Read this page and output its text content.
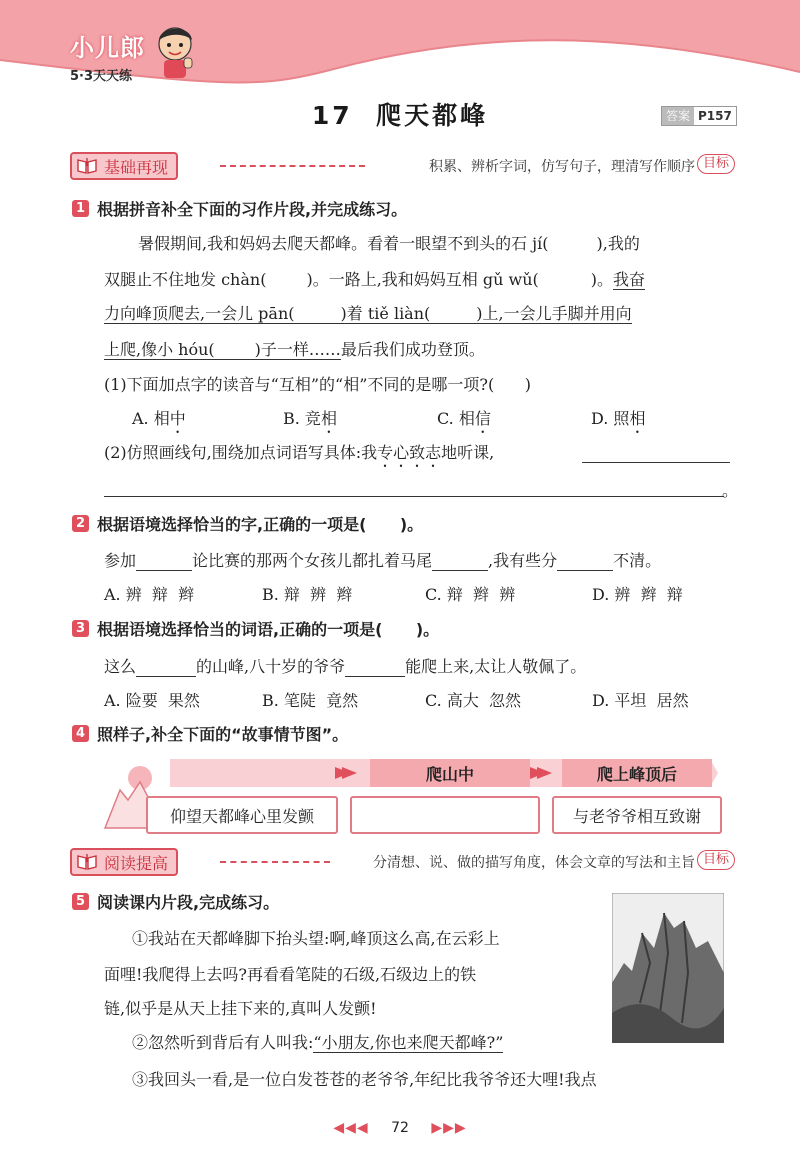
小儿郎
5·3天天练
17  爬天都峰	答案 P157
基础再现	积累、辨析字词，仿写句子，理清写作顺序 目标
1 根据拼音补全下面的习作片段,并完成练习。
暑假期间,我和妈妈去爬天都峰。看着一眼望不到头的石 jí(	),我的
双腿止不住地发 chàn(	)。一路上,我和妈妈互相 gǔ wǔ(	)。我奋
力向峰顶爬去,一会儿 pān(	)着 tiě liàn(	)上,一会儿手脚并用向
上爬,像小 hóu(	)子一样……最后我们成功登顶。
(1)下面加点字的读音与“互相”的“相”不同的是哪一项?(      )
A. 相中	B. 竞相	C. 相信	D. 照相
(2)仿照画线句,围绕加点词语写具体:我专心致志地听课,
。
2 根据语境选择恰当的字,正确的一项是(      )。
参加	论比赛的那两个女孩儿都扎着马尾	,我有些分	不清。
A. 辨  辩  辫	B. 辩  辨  辫	C. 辩  辫  辨	D. 辨  辫  辩
3 根据语境选择恰当的词语,正确的一项是(      )。
这么	的山峰,八十岁的爷爷	能爬上来,太让人敬佩了。
A. 险要  果然	B. 笔陡  竟然	C. 高大  忽然	D. 平坦  居然
4 照样子,补全下面的“故事情节图”。
爬山中	爬上峰顶后
仰望天都峰心里发颤	与老爷爷相互致谢
阅读提高	分清想、说、做的描写角度，体会文章的写法和主旨 目标
5 阅读课内片段,完成练习。
①我站在天都峰脚下抬头望:啊,峰顶这么高,在云彩上
面哩!我爬得上去吗?再看看笔陡的石级,石级边上的铁
链,似乎是从天上挂下来的,真叫人发颤!
②忽然听到背后有人叫我:“小朋友,你也来爬天都峰?”
③我回头一看,是一位白发苍苍的老爷爷,年纪比我爷爷还大哩!我点
◀◀◀ 72 ▶▶▶
